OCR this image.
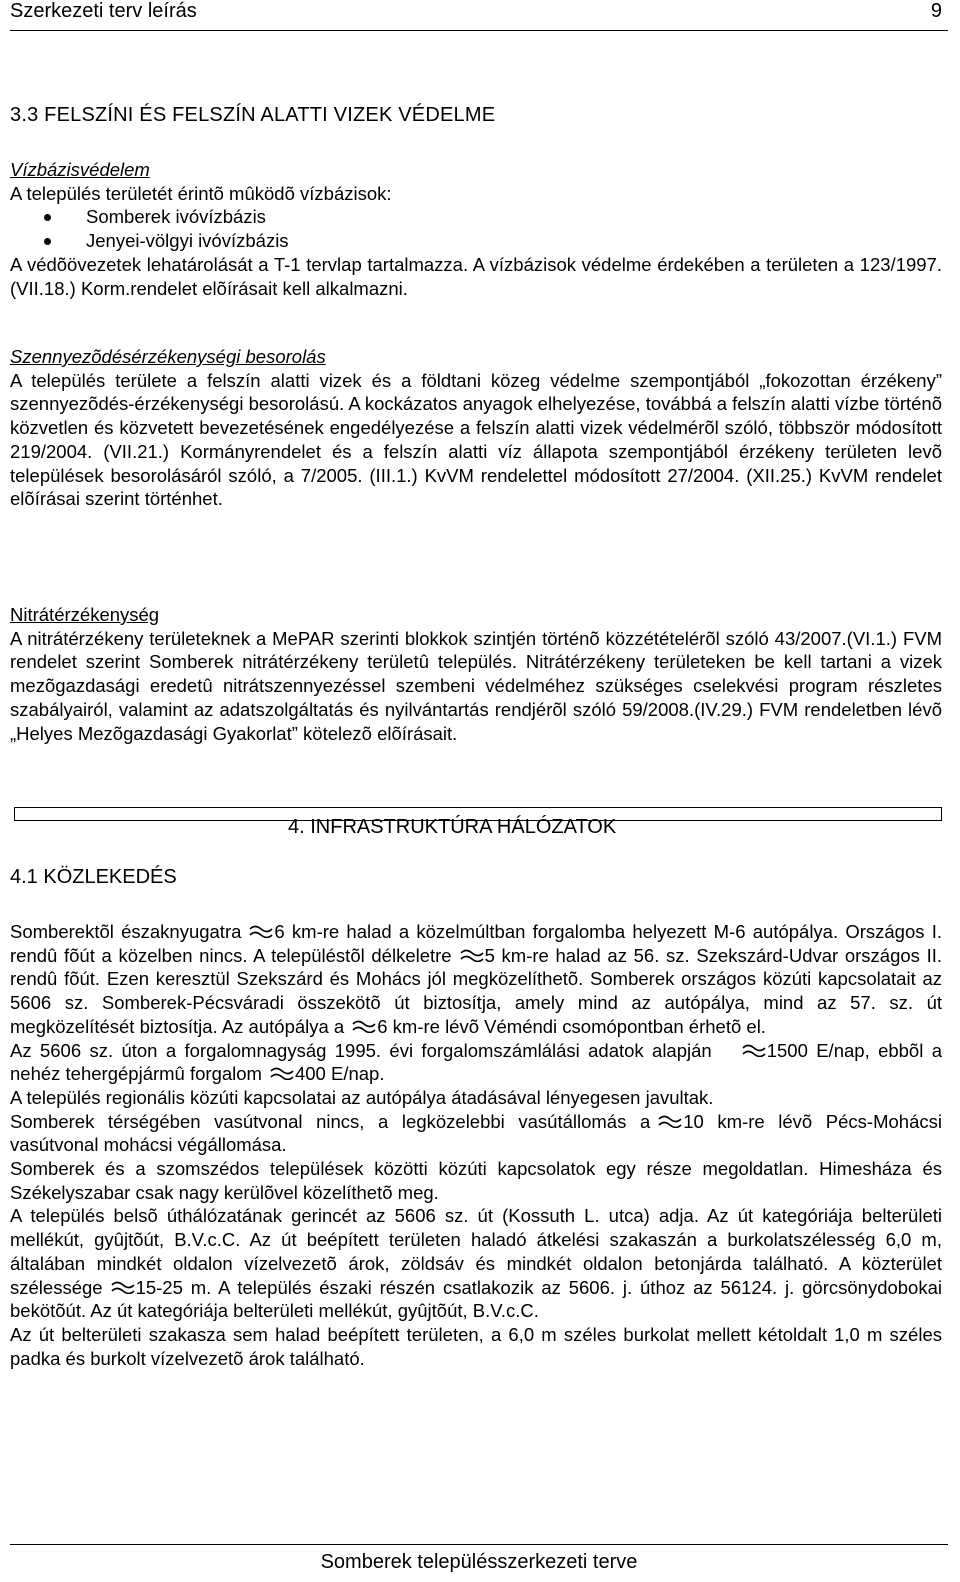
Szerkezeti terv leírás	9
3.3 FELSZÍNI ÉS FELSZÍN ALATTI VIZEK VÉDELME
Vízbázisvédelem
A település területét érintõ mûködõ vízbázisok:
Somberek ivóvízbázis
Jenyei-völgyi ivóvízbázis
A védõövezetek lehatárolását a T-1 tervlap tartalmazza. A vízbázisok védelme érdekében a területen a 123/1997.(VII.18.) Korm.rendelet elõírásait kell alkalmazni.
Szennyezõdésérzékenységi besorolás
A település területe a felszín alatti vizek és a földtani közeg védelme szempontjából „fokozottan érzékeny” szennyezõdés-érzékenységi besorolású. A kockázatos anyagok elhelyezése, továbbá a felszín alatti vízbe történõ közvetlen és közvetett bevezetésének engedélyezése a felszín alatti vizek védelmérõl szóló, többször módosított 219/2004. (VII.21.) Kormányrendelet és a felszín alatti víz állapota szempontjából érzékeny területen levõ települések besorolásáról szóló, a 7/2005. (III.1.) KvVM rendelettel módosított 27/2004. (XII.25.) KvVM rendelet elõírásai szerint történhet.
Nitrátérzékenység
A nitrátérzékeny területeknek a MePAR szerinti blokkok szintjén történõ közzétételérõl szóló 43/2007.(VI.1.) FVM rendelet szerint Somberek nitrátérzékeny területû település. Nitrátérzékeny területeken be kell tartani a vizek mezõgazdasági eredetû nitrátszennyezéssel szembeni védelméhez szükséges cselekvési program részletes szabályairól, valamint az adatszolgáltatás és nyilvántartás rendjérõl szóló 59/2008.(IV.29.) FVM rendeletben lévõ „Helyes Mezõgazdasági Gyakorlat” kötelezõ elõírásait.
4. INFRASTRUKTÚRA HÁLÓZATOK
4.1 KÖZLEKEDÉS
Somberektõl északnyugatra 6 km-re halad a közelmúltban forgalomba helyezett M-6 autópálya. Országos I. rendû fõút a közelben nincs. A településtõl délkeletre 5 km-re halad az 56. sz. Szekszárd-Udvar országos II. rendû fõút. Ezen keresztül Szekszárd és Mohács jól megközelíthetõ. Somberek országos közúti kapcsolatait az 5606 sz. Somberek-Pécsváradi összekötõ út biztosítja, amely mind az autópálya, mind az 57. sz. út megközelítését biztosítja. Az autópálya a 6 km-re lévõ Véméndi csomópontban érhetõ el.
Az 5606 sz. úton a forgalomnagyság 1995. évi forgalomszámlálási adatok alapján	1500 E/nap, ebbõl a nehéz tehergépjármû forgalom 400 E/nap.
A település regionális közúti kapcsolatai az autópálya átadásával lényegesen javultak.
Somberek térségében vasútvonal nincs, a legközelebbi vasútállomás a 10 km-re lévõ Pécs-Mohácsi vasútvonal mohácsi végállomása.
Somberek és a szomszédos települések közötti közúti kapcsolatok egy része megoldatlan. Himesháza és Székelyszabar csak nagy kerülõvel közelíthetõ meg.
A település belsõ úthálózatának gerincét az 5606 sz. út (Kossuth L. utca) adja. Az út kategóriája belterületi mellékút, gyûjtõút, B.V.c.C. Az út beépített területen haladó átkelési szakaszán a burkolatszélesség 6,0 m, általában mindkét oldalon vízelvezetõ árok, zöldsáv és mindkét oldalon betonjárda található. A közterület szélessége 15-25 m. A település északi részén csatlakozik az 5606. j. úthoz az 56124. j. görcsönydobokai bekötõút. Az út kategóriája belterületi mellékút, gyûjtõút, B.V.c.C.
Az út belterületi szakasza sem halad beépített területen, a 6,0 m széles burkolat mellett kétoldalt 1,0 m széles padka és burkolt vízelvezetõ árok található.
Somberek településszerkezeti terve
